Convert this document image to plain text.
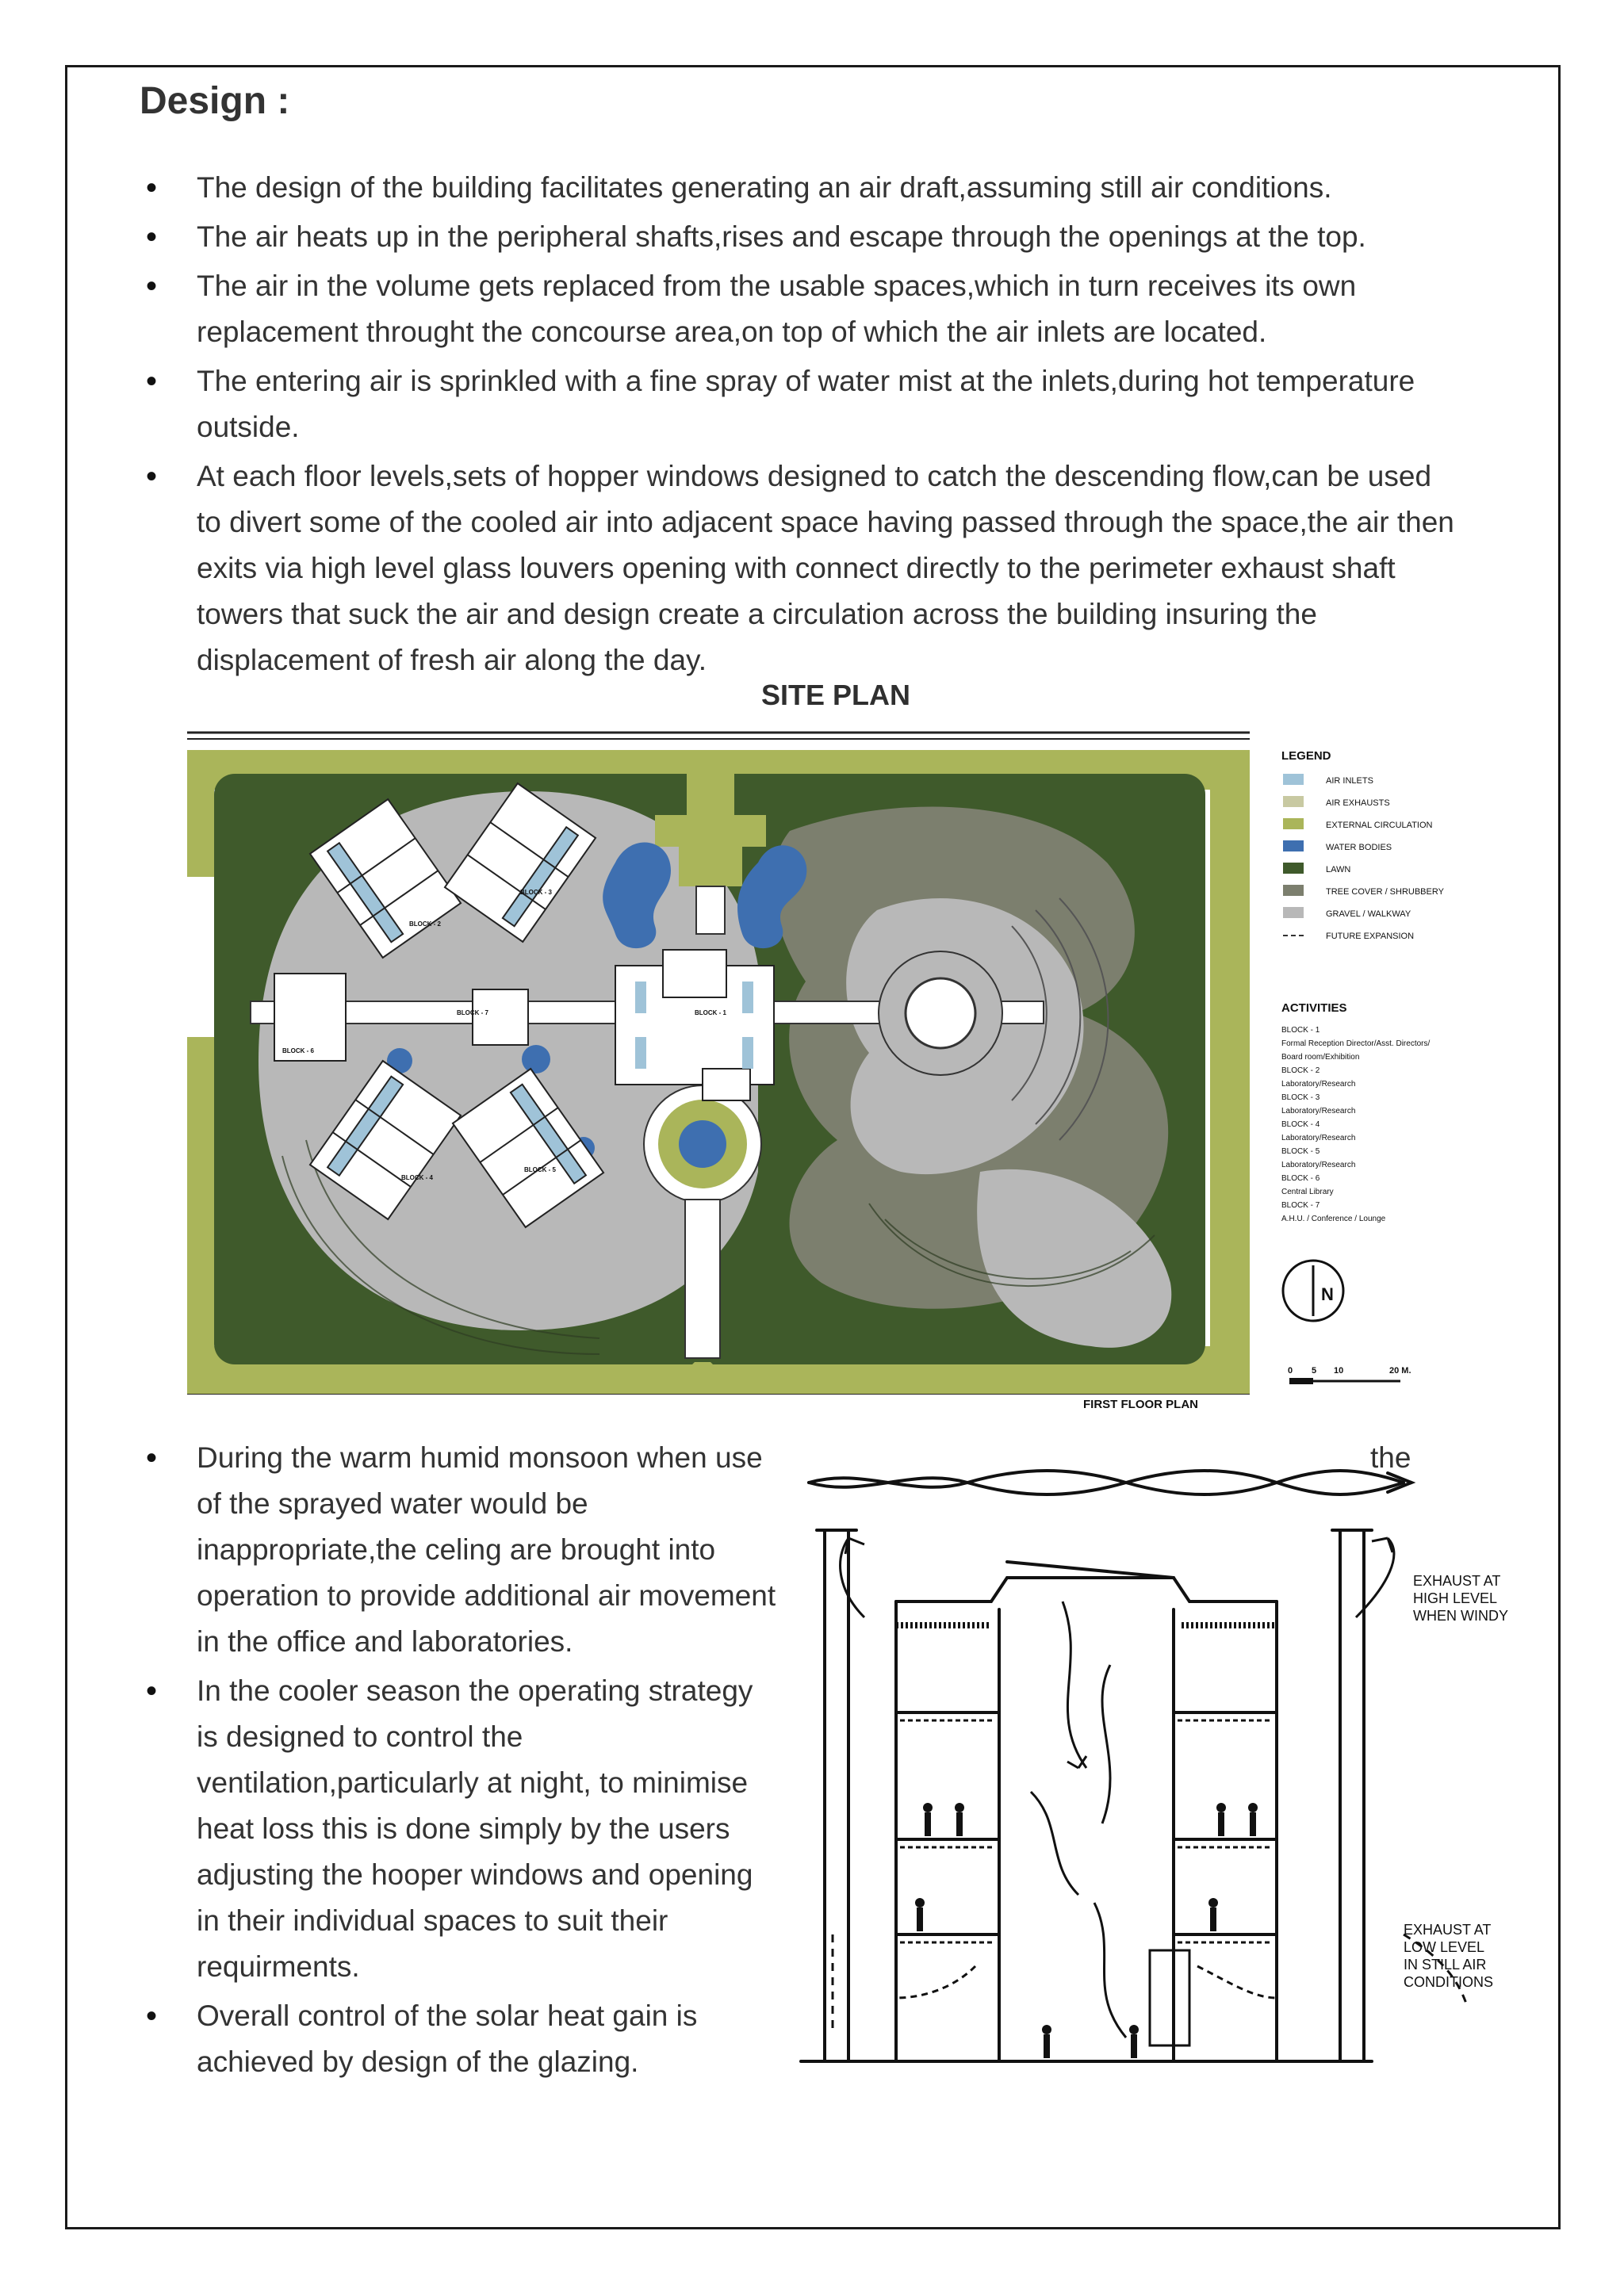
Design :
• The design of the building facilitates generating an air draft,assuming still air conditions.
• The air heats up in the peripheral shafts,rises and escape through the openings at the top.
• The air in the volume gets replaced from the usable spaces,which in turn receives its own replacement throught the concourse area,on top of which the air inlets are located.
• The entering air is sprinkled with a fine spray of water mist at the inlets,during hot temperature outside.
• At each floor levels,sets of hopper windows designed to catch the descending flow,can be used to divert some of the cooled air into adjacent space having passed through the space,the air then exits via high level glass louvers opening with connect directly to the perimeter exhaust shaft towers that suck the air and design create a circulation across the building insuring the displacement of fresh air along the day.
SITE PLAN
LEGEND
AIR INLETS
AIR EXHAUSTS
EXTERNAL CIRCULATION
WATER BODIES
LAWN
TREE COVER / SHRUBBERY
GRAVEL / WALKWAY
FUTURE EXPANSION
ACTIVITIES
BLOCK - 1
Formal Reception Director/Asst. Directors/
Board room/Exhibition
BLOCK - 2
Laboratory/Research
BLOCK - 3
Laboratory/Research
BLOCK - 4
Laboratory/Research
BLOCK - 5
Laboratory/Research
BLOCK - 6
Central Library
BLOCK - 7
A.H.U. / Conference / Lounge
N
0 5 10	20 M.
FIRST FLOOR PLAN
BLOCK - 1
BLOCK - 2
BLOCK - 3
BLOCK - 4
BLOCK - 5
BLOCK - 6
BLOCK - 7
• During the warm humid monsoon when use of the sprayed water would be inappropriate,the celing are brought into operation to provide additional air movement in the office and laboratories.
• In the cooler season the operating strategy is designed to control the ventilation,particularly at night, to minimise heat loss this is done simply by the users adjusting the hooper windows and opening in their individual spaces to suit their requirments.
• Overall control of the solar heat gain is achieved by design of the glazing.
the
EXHAUST AT
HIGH LEVEL
WHEN WINDY
EXHAUST AT
LOW LEVEL
IN STILL AIR
CONDITIONS
